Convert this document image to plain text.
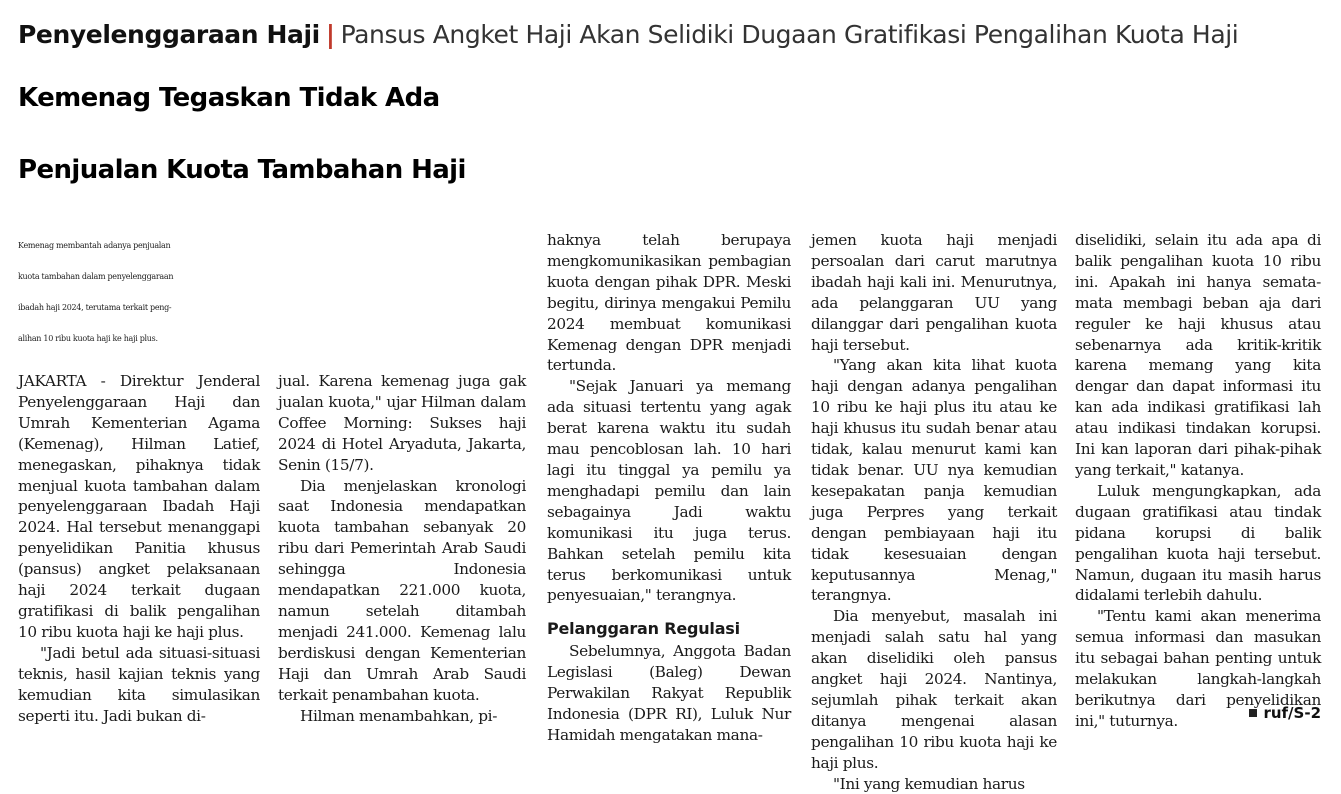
Penyelenggaraan Haji | Pansus Angket Haji Akan Selidiki Dugaan Gratifikasi Pengalihan Kuota Haji
Kemenag Tegaskan Tidak Ada
Penjualan Kuota Tambahan Haji
Kemenag membantah adanya penjualan
kuota tambahan dalam penyelenggaraan
ibadah haji 2024, terutama terkait peng-
alihan 10 ribu kuota haji ke haji plus.

JAKARTA - Direktur Jenderal Penyelenggaraan Haji dan Umrah Kementerian Agama (Kemenag), Hilman Latief, menegaskan, pihaknya tidak menjual kuota tambahan dalam penyelenggaraan Ibadah Haji 2024. Hal tersebut menanggapi penyelidikan Panitia khusus (pansus) angket pelaksanaan haji 2024 terkait dugaan gratifikasi di balik pengalihan 10 ribu kuota haji ke haji plus.

"Jadi betul ada situasi-situasi teknis, hasil kajian teknis yang kemudian kita simulasikan seperti itu. Jadi bukan di-

jual. Karena kemenag juga gak jualan kuota," ujar Hilman dalam Coffee Morning: Sukses haji 2024 di Hotel Aryaduta, Jakarta, Senin (15/7).

Dia menjelaskan kronologi saat Indonesia mendapatkan kuota tambahan sebanyak 20 ribu dari Pemerintah Arab Saudi sehingga Indonesia mendapatkan 221.000 kuota, namun setelah ditambah menjadi 241.000. Kemenag lalu berdiskusi dengan Kementerian Haji dan Umrah Arab Saudi terkait penambahan kuota.

Hilman menambahkan, pi-

haknya telah berupaya mengkomunikasikan pembagian kuota dengan pihak DPR. Meski begitu, dirinya mengakui Pemilu 2024 membuat komunikasi Kemenag dengan DPR menjadi tertunda.

"Sejak Januari ya memang ada situasi tertentu yang agak berat karena waktu itu sudah mau pencoblosan lah. 10 hari lagi itu tinggal ya pemilu ya menghadapi pemilu dan lain sebagainya Jadi waktu komunikasi itu juga terus. Bahkan setelah pemilu kita terus berkomunikasi untuk penyesuaian," terangnya.

Pelanggaran Regulasi

Sebelumnya, Anggota Badan Legislasi (Baleg) Dewan Perwakilan Rakyat Republik Indonesia (DPR RI), Luluk Nur Hamidah mengatakan mana-

jemen kuota haji menjadi persoalan dari carut marutnya ibadah haji kali ini. Menurutnya, ada pelanggaran UU yang dilanggar dari pengalihan kuota haji tersebut.

"Yang akan kita lihat kuota haji dengan adanya pengalihan 10 ribu ke haji plus itu atau ke haji khusus itu sudah benar atau tidak, kalau menurut kami kan tidak benar. UU nya kemudian kesepakatan panja kemudian juga Perpres yang terkait dengan pembiayaan haji itu tidak kesesuaian dengan keputusannya Menag," terangnya.

Dia menyebut, masalah ini menjadi salah satu hal yang akan diselidiki oleh pansus angket haji 2024. Nantinya, sejumlah pihak terkait akan ditanya mengenai alasan pengalihan 10 ribu kuota haji ke haji plus.

"Ini yang kemudian harus

diselidiki, selain itu ada apa di balik pengalihan kuota 10 ribu ini. Apakah ini hanya semata-mata membagi beban aja dari reguler ke haji khusus atau sebenarnya ada kritik-kritik karena memang yang kita dengar dan dapat informasi itu kan ada indikasi gratifikasi lah atau indikasi tindakan korupsi. Ini kan laporan dari pihak-pihak yang terkait," katanya.

Luluk mengungkapkan, ada dugaan gratifikasi atau tindak pidana korupsi di balik pengalihan kuota haji tersebut. Namun, dugaan itu masih harus didalami terlebih dahulu.

"Tentu kami akan menerima semua informasi dan masukan itu sebagai bahan penting untuk melakukan langkah-langkah berikutnya dari penyelidikan ini," tuturnya.	ruf/S-2
